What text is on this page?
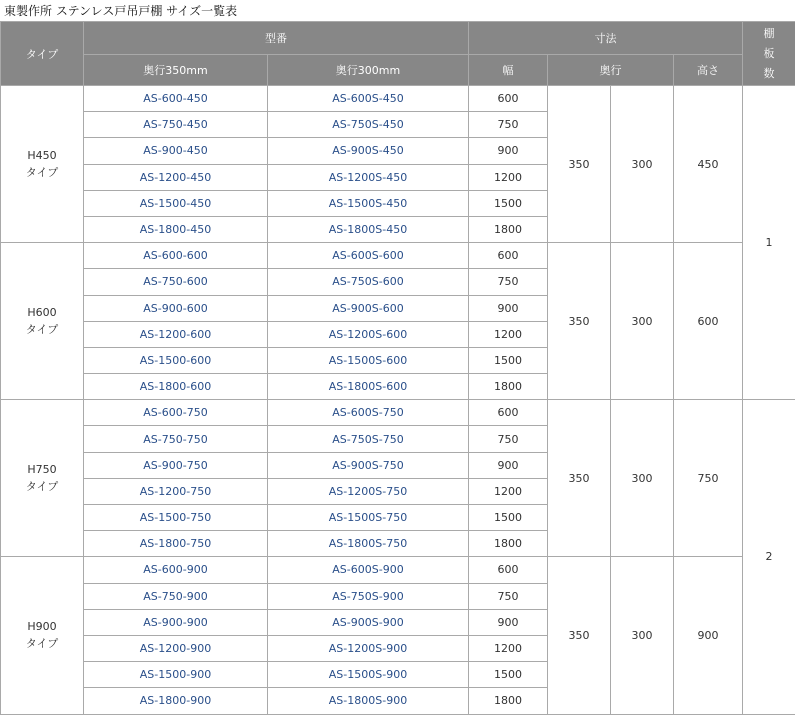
東製作所 ステンレス戸吊戸棚 サイズ一覧表
タイプ	型番		寸法				棚
板
数

	奥行350mm	奥行300mm	幅	奥行		高さ	
H450
タイプ	AS-600-450	AS-600S-450	600	350	300	450	1
	AS-750-450	AS-750S-450	750				
	AS-900-450	AS-900S-450	900				
	AS-1200-450	AS-1200S-450	1200				
	AS-1500-450	AS-1500S-450	1500				
	AS-1800-450	AS-1800S-450	1800				
H600
タイプ	AS-600-600	AS-600S-600	600	350	300	600	
	AS-750-600	AS-750S-600	750				
	AS-900-600	AS-900S-600	900				
	AS-1200-600	AS-1200S-600	1200				
	AS-1500-600	AS-1500S-600	1500				
	AS-1800-600	AS-1800S-600	1800				
H750
タイプ	AS-600-750	AS-600S-750	600	350	300	750	2
	AS-750-750	AS-750S-750	750				
	AS-900-750	AS-900S-750	900				
	AS-1200-750	AS-1200S-750	1200				
	AS-1500-750	AS-1500S-750	1500				
	AS-1800-750	AS-1800S-750	1800				
H900
タイプ	AS-600-900	AS-600S-900	600	350	300	900	
	AS-750-900	AS-750S-900	750				
	AS-900-900	AS-900S-900	900				
	AS-1200-900	AS-1200S-900	1200				
	AS-1500-900	AS-1500S-900	1500				
	AS-1800-900	AS-1800S-900	1800				
